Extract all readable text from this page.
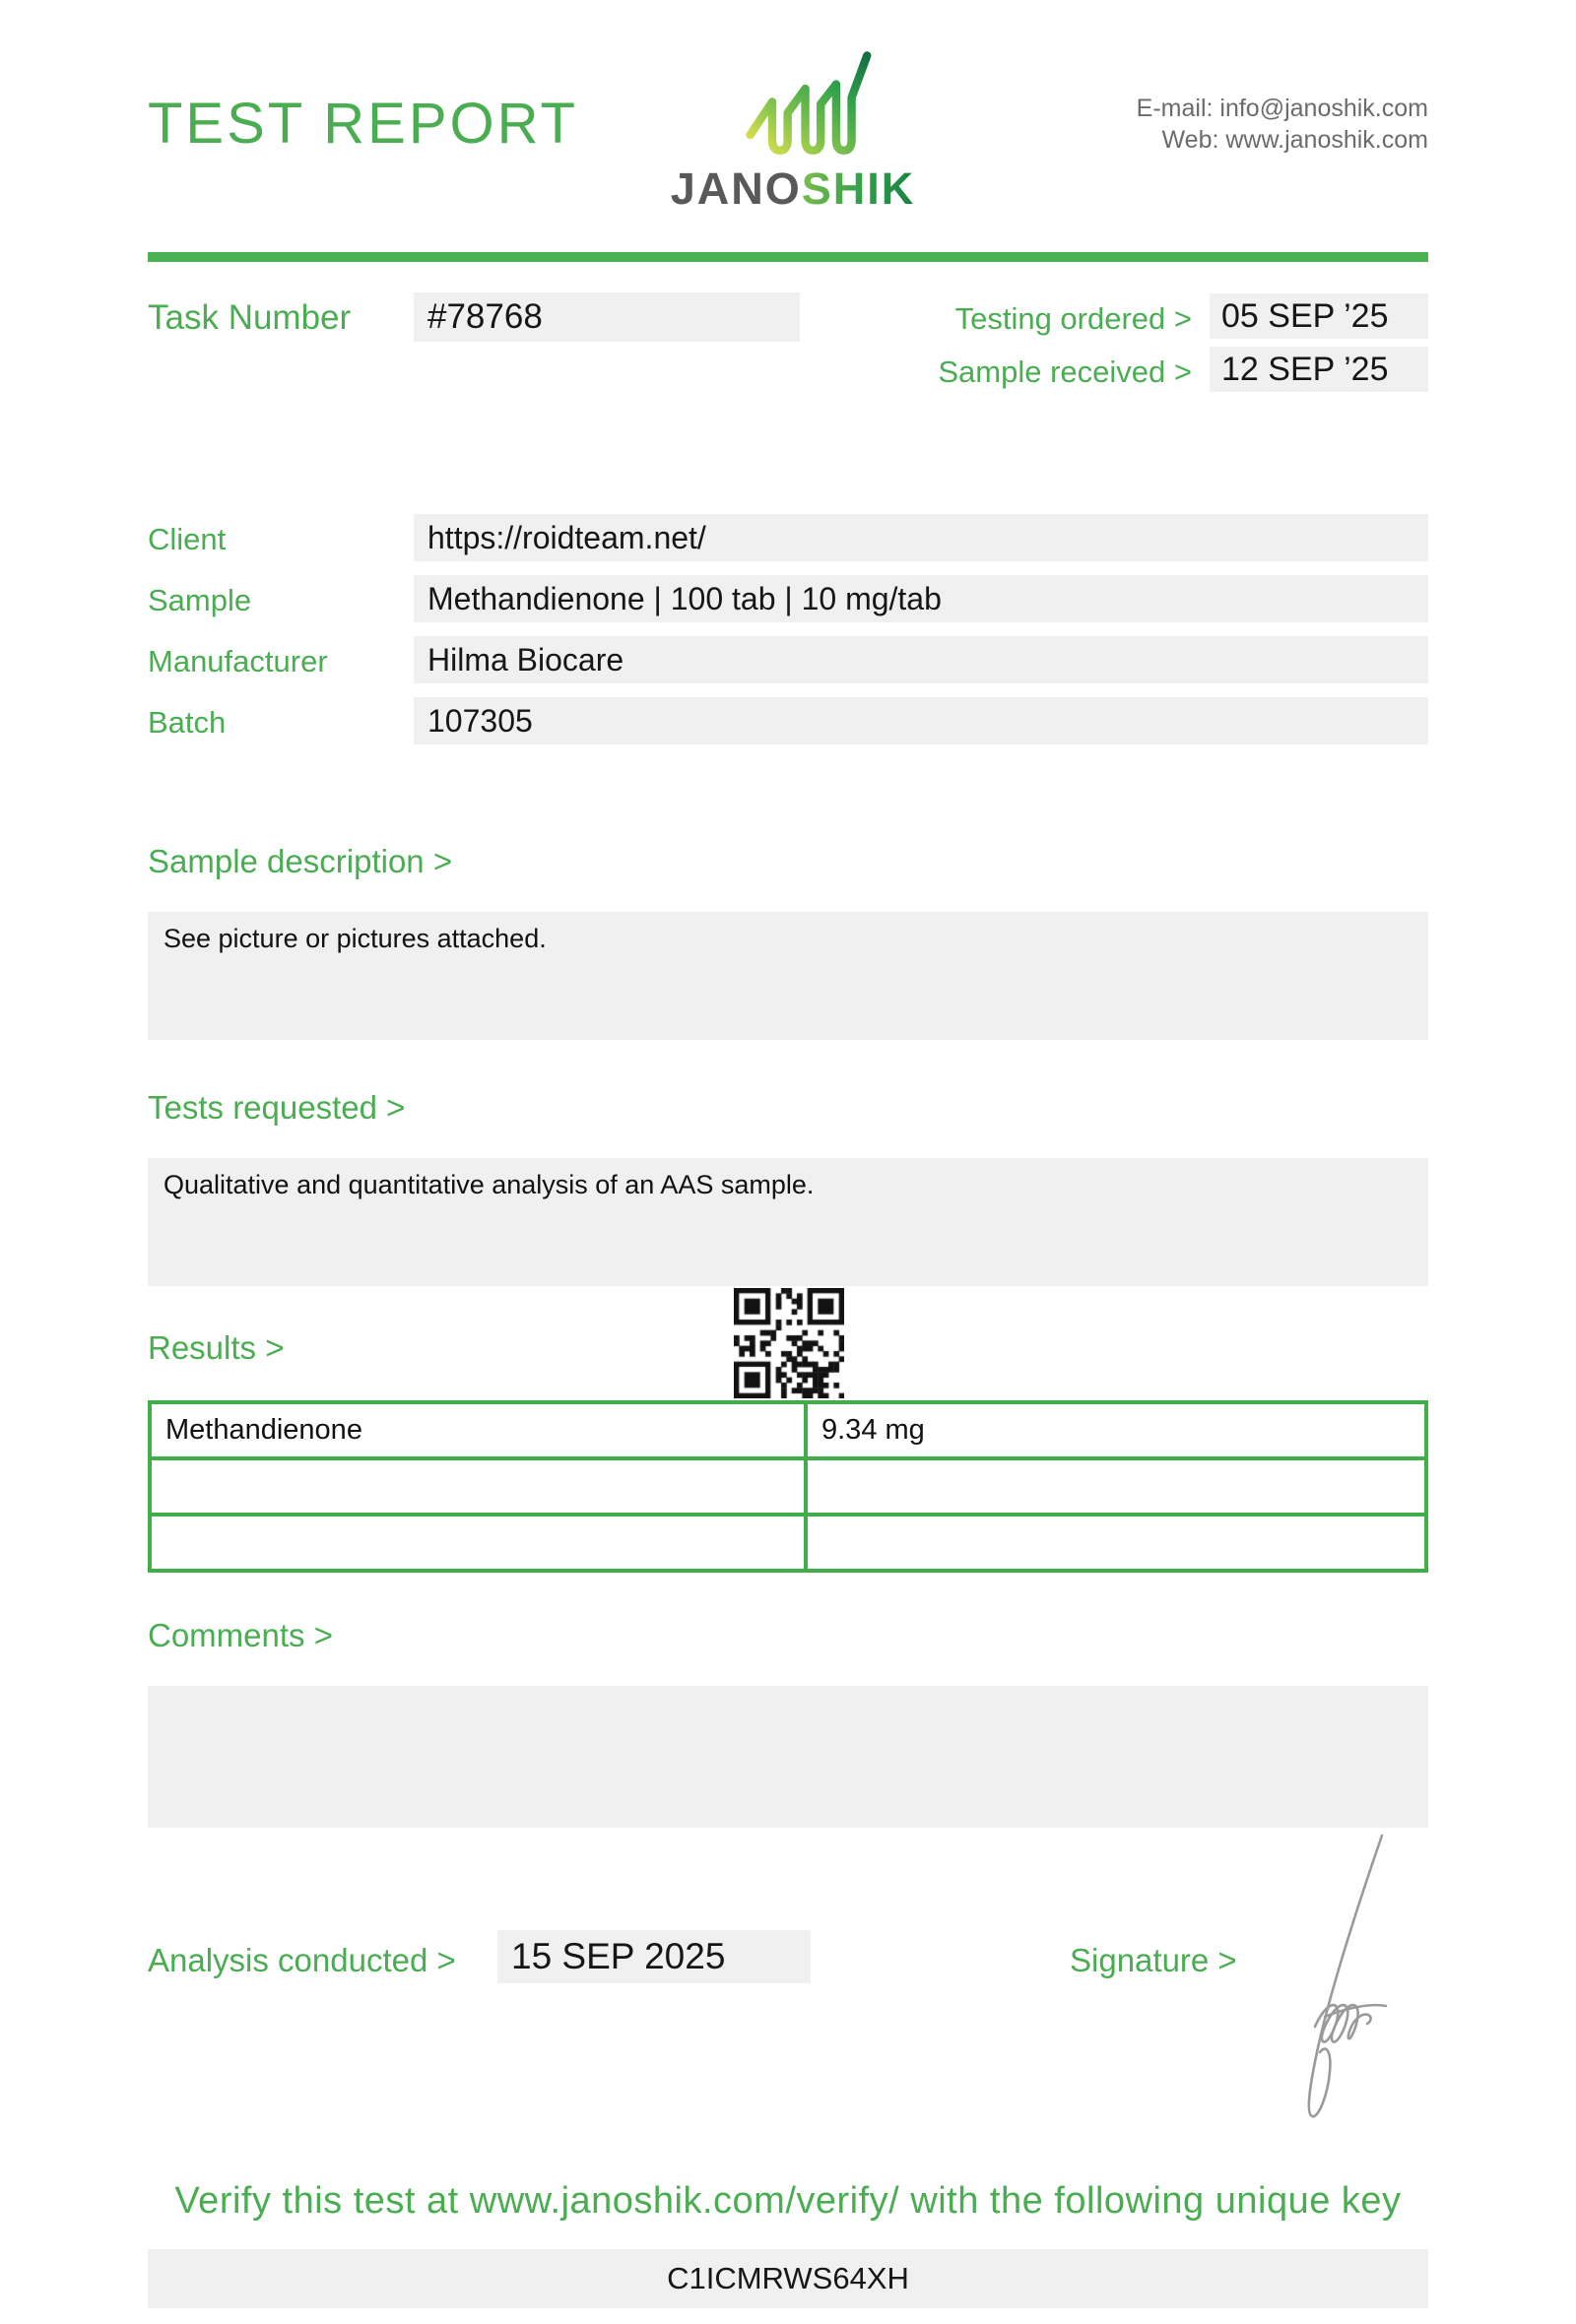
TEST REPORT
JANOSHIK
E-mail: info@janoshik.com
Web: www.janoshik.com
Task Number	#78768	Testing ordered > 05 SEP ’25
Sample received > 12 SEP ’25
Client	https://roidteam.net/
Sample	Methandienone | 100 tab | 10 mg/tab
Manufacturer	Hilma Biocare
Batch	107305
Sample description >
See picture or pictures attached.
Tests requested >
Qualitative and quantitative analysis of an AAS sample.
Results >
Methandienone	9.34 mg

Comments >
Analysis conducted >	15 SEP 2025	Signature >
Verify this test at www.janoshik.com/verify/ with the following unique key
C1ICMRWS64XH
